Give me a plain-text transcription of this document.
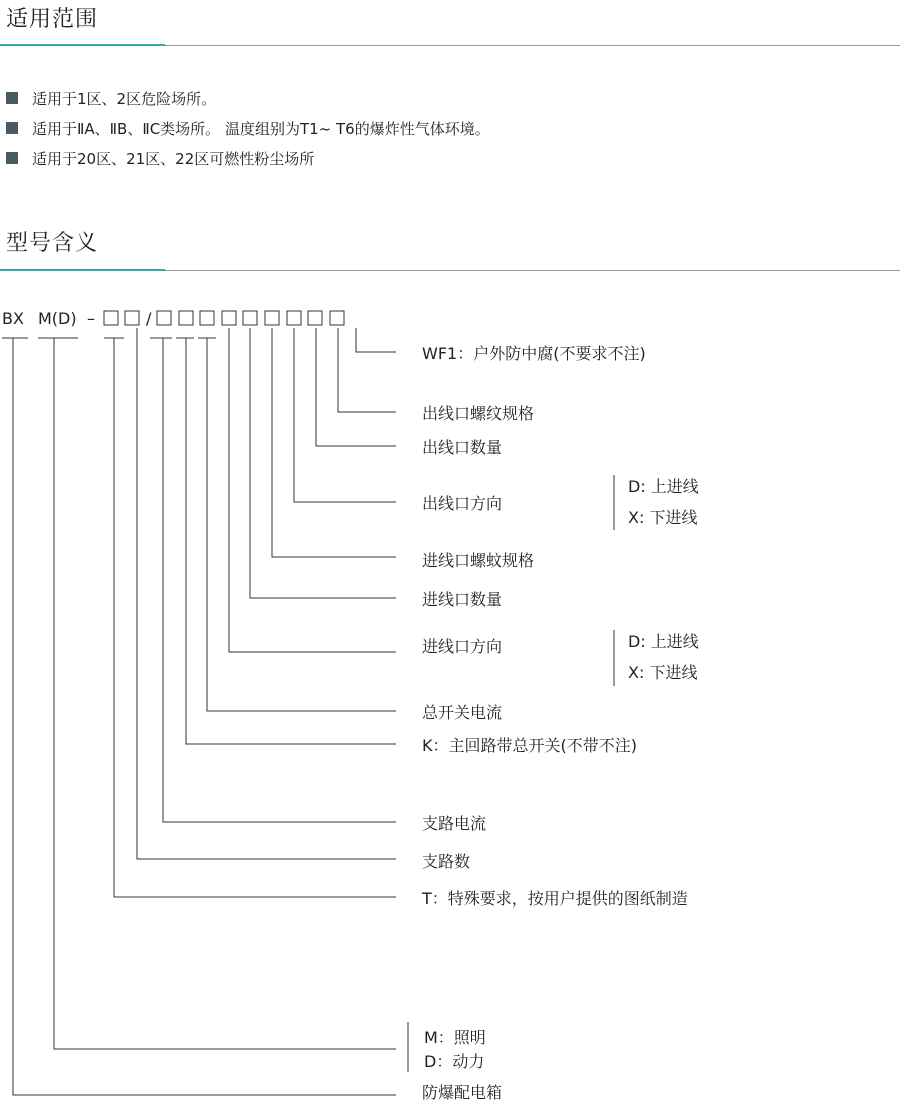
适用范围
适用于1区、2区危险场所。
适用于ⅡA、ⅡB、ⅡC类场所。 温度组别为T1~ T6的爆炸性气体环境。
适用于20区、21区、22区可燃性粉尘场所
型号含义
BX M(D) –	/
WF1：户外防中腐(不要求不注)
出线口螺纹规格
出线口数量
出线口方向
D: 上进线
X: 下进线
进线口螺蚊规格
进线口数量
进线口方向	D: 上进线
X: 下进线
总开关电流
K：主回路带总开关(不带不注)
支路电流
支路数
T：特殊要求，按用户提供的图纸制造
M：照明
D：动力
防爆配电箱
